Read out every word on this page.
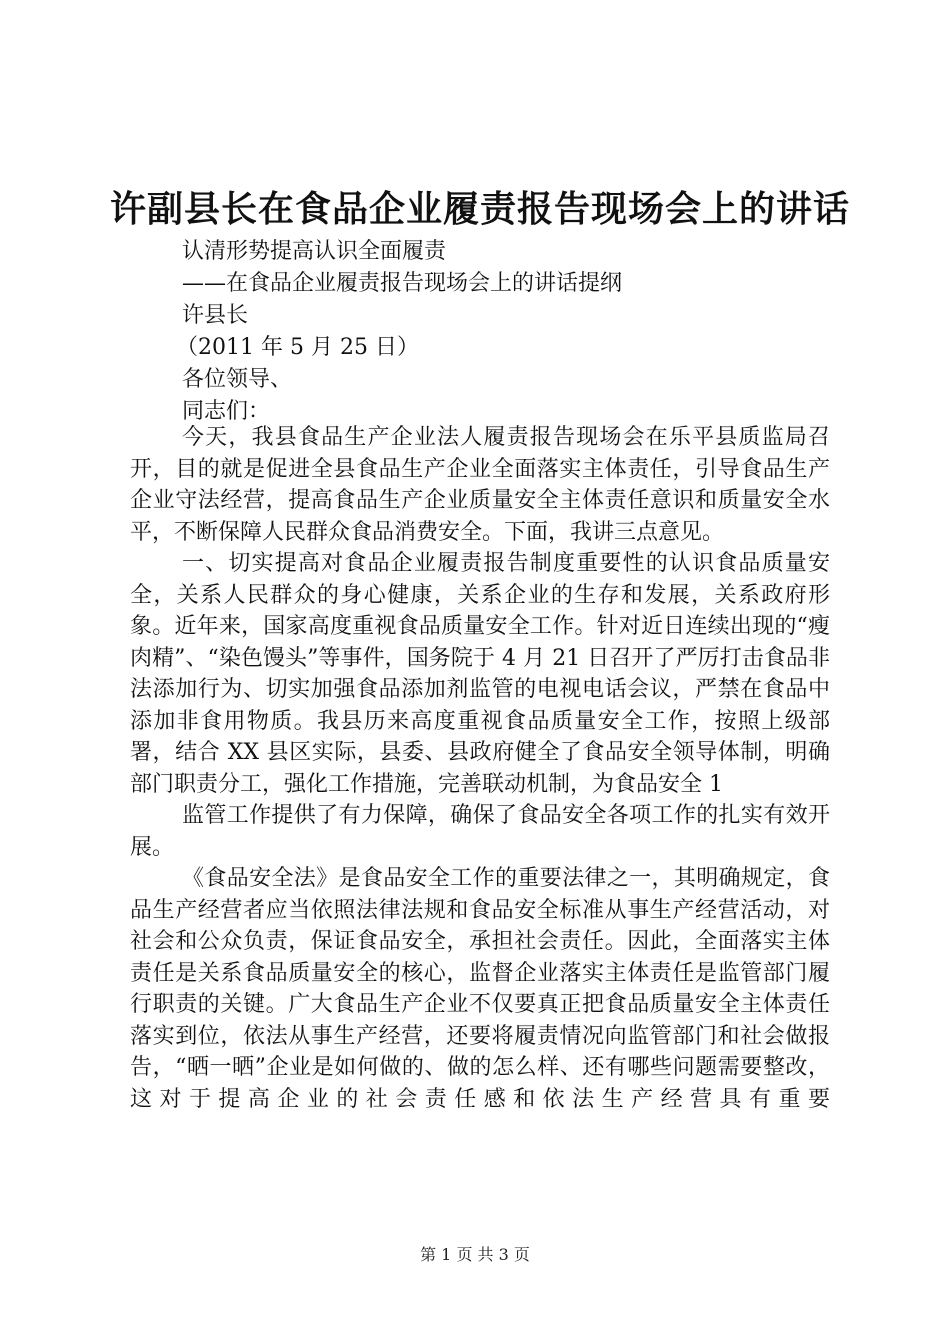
许副县长在食品企业履责报告现场会上的讲话
认清形势提高认识全面履责
——在食品企业履责报告现场会上的讲话提纲
许县长
（2011 年 5 月 25 日）
各位领导、
同志们：

今天，我县食品生产企业法人履责报告现场会在乐平县质监局召开，目的就是促进全县食品生产企业全面落实主体责任，引导食品生产企业守法经营，提高食品生产企业质量安全主体责任意识和质量安全水平，不断保障人民群众食品消费安全。下面，我讲三点意见。

一、切实提高对食品企业履责报告制度重要性的认识食品质量安全，关系人民群众的身心健康，关系企业的生存和发展，关系政府形象。近年来，国家高度重视食品质量安全工作。针对近日连续出现的“瘦肉精”、“染色馒头”等事件，国务院于 4 月 21 日召开了严厉打击食品非法添加行为、切实加强食品添加剂监管的电视电话会议，严禁在食品中添加非食用物质。我县历来高度重视食品质量安全工作，按照上级部署，结合 XX 县区实际，县委、县政府健全了食品安全领导体制，明确部门职责分工，强化工作措施，完善联动机制，为食品安全 1

监管工作提供了有力保障，确保了食品安全各项工作的扎实有效开展。

《食品安全法》是食品安全工作的重要法律之一，其明确规定，食品生产经营者应当依照法律法规和食品安全标准从事生产经营活动，对社会和公众负责，保证食品安全，承担社会责任。因此，全面落实主体责任是关系食品质量安全的核心，监督企业落实主体责任是监管部门履行职责的关键。广大食品生产企业不仅要真正把食品质量安全主体责任落实到位，依法从事生产经营，还要将履责情况向监管部门和社会做报告，“晒一晒”企业是如何做的、做的怎么样、还有哪些问题需要整改，这对于提高企业的社会责任感和依法生产经营具有重要

第 1 页 共 3 页
